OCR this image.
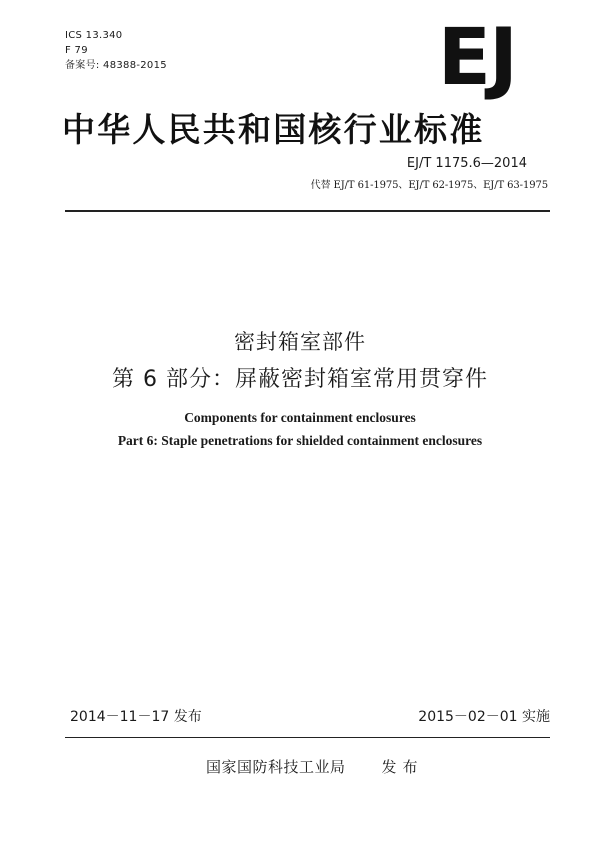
ICS 13.340
F 79
备案号: 48388-2015	EJ
中华人民共和国核行业标准
EJ/T 1175.6—2014
代替 EJ/T 61-1975、EJ/T 62-1975、EJ/T 63-1975
密封箱室部件
第 6 部分：屏蔽密封箱室常用贯穿件
Components for containment enclosures
Part 6: Staple penetrations for shielded containment enclosures
2014－11－17 发布	2015－02－01 实施
国家国防科技工业局 发布
